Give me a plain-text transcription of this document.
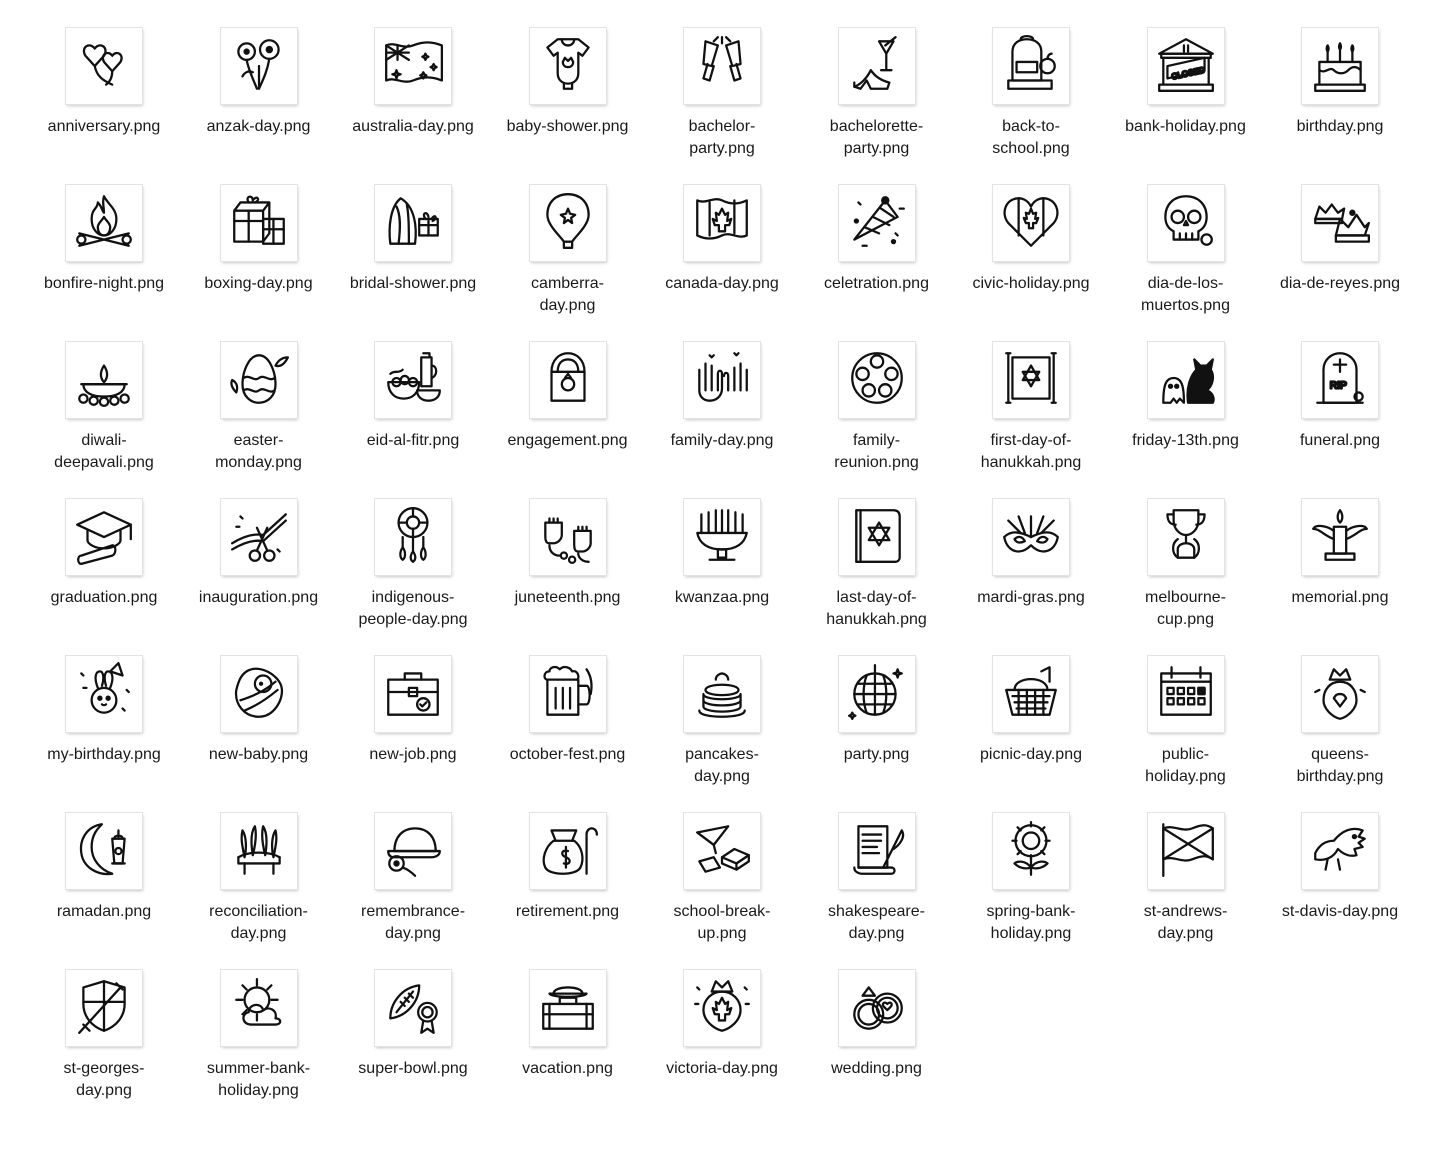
anniversary.png	anzak-day.png	australia-day.png	baby-shower.png	bachelor-
party.png
bachelorette-
party.png
back-to-
school.png
CLOSED
bank-holiday.png	birthday.png
bonfire-night.png	boxing-day.png	bridal-shower.png	camberra-
day.png
canada-day.png	celetration.png	civic-holiday.png	dia-de-los-
muertos.png
dia-de-reyes.png
diwali-
deepavali.png
easter-
monday.png
eid-al-fitr.png	engagement.png	family-day.png	family-
reunion.png
first-day-of-
hanukkah.png
friday-13th.png
RIP
funeral.png
graduation.png	inauguration.png	indigenous-
people-day.png
juneteenth.png	kwanzaa.png	last-day-of-
hanukkah.png
mardi-gras.png	melbourne-
cup.png
memorial.png
my-birthday.png	new-baby.png	new-job.png	october-fest.png	pancakes-
day.png
party.png	picnic-day.png	public-
holiday.png
queens-
birthday.png
ramadan.png	reconciliation-
day.png
remembrance-
day.png
retirement.png	school-break-
up.png
shakespeare-
day.png
spring-bank-
holiday.png
st-andrews-
day.png
st-davis-day.png
st-georges-
day.png
summer-bank-
holiday.png
super-bowl.png	vacation.png	victoria-day.png	wedding.png
